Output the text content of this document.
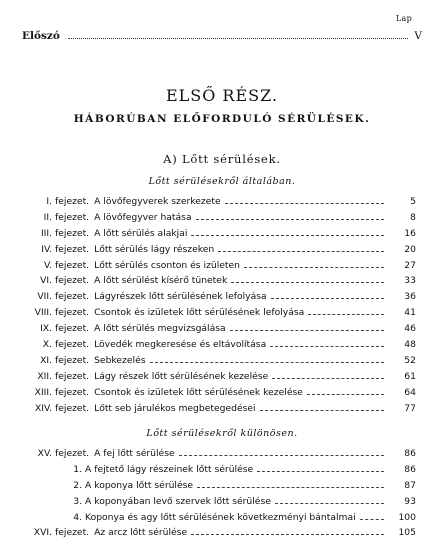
Lap
Előszó	V
ELSŐ RÉSZ.
HÁBORÚBAN ELŐFORDULÓ SÉRÜLÉSEK.
A) Lőtt sérülések.
Lőtt sérülésekről általában.
I. fejezet. A lövőfegyverek szerkezete	5
II. fejezet. A lövőfegyver hatása	8
III. fejezet. A lőtt sérülés alakjai	16
IV. fejezet. Lőtt sérülés lágy részeken	20
V. fejezet. Lőtt sérülés csonton és izületen	27
VI. fejezet. A lőtt sérülést kísérő tünetek	33
VII. fejezet. Lágyrészek lőtt sérülésének lefolyása	36
VIII. fejezet. Csontok és izületek lőtt sérülésének lefolyása	41
IX. fejezet. A lőtt sérülés megvizsgálása	46
X. fejezet. Lövedék megkeresése és eltávolítása	48
XI. fejezet. Sebkezelés	52
XII. fejezet. Lágy részek lőtt sérülésének kezelése	61
XIII. fejezet. Csontok és izületek lőtt sérülésének kezelése	64
XIV. fejezet. Lőtt seb járulékos megbetegedései	77
Lőtt sérülésekről különösen.
XV. fejezet. A fej lőtt sérülése	86
1. A fejtető lágy részeinek lőtt sérülése	86
2. A koponya lőtt sérülése	87
3. A koponyában levő szervek lőtt sérülése	93
4. Koponya és agy lőtt sérülésének következményi bántalmai	100
XVI. fejezet. Az arcz lőtt sérülése	105
